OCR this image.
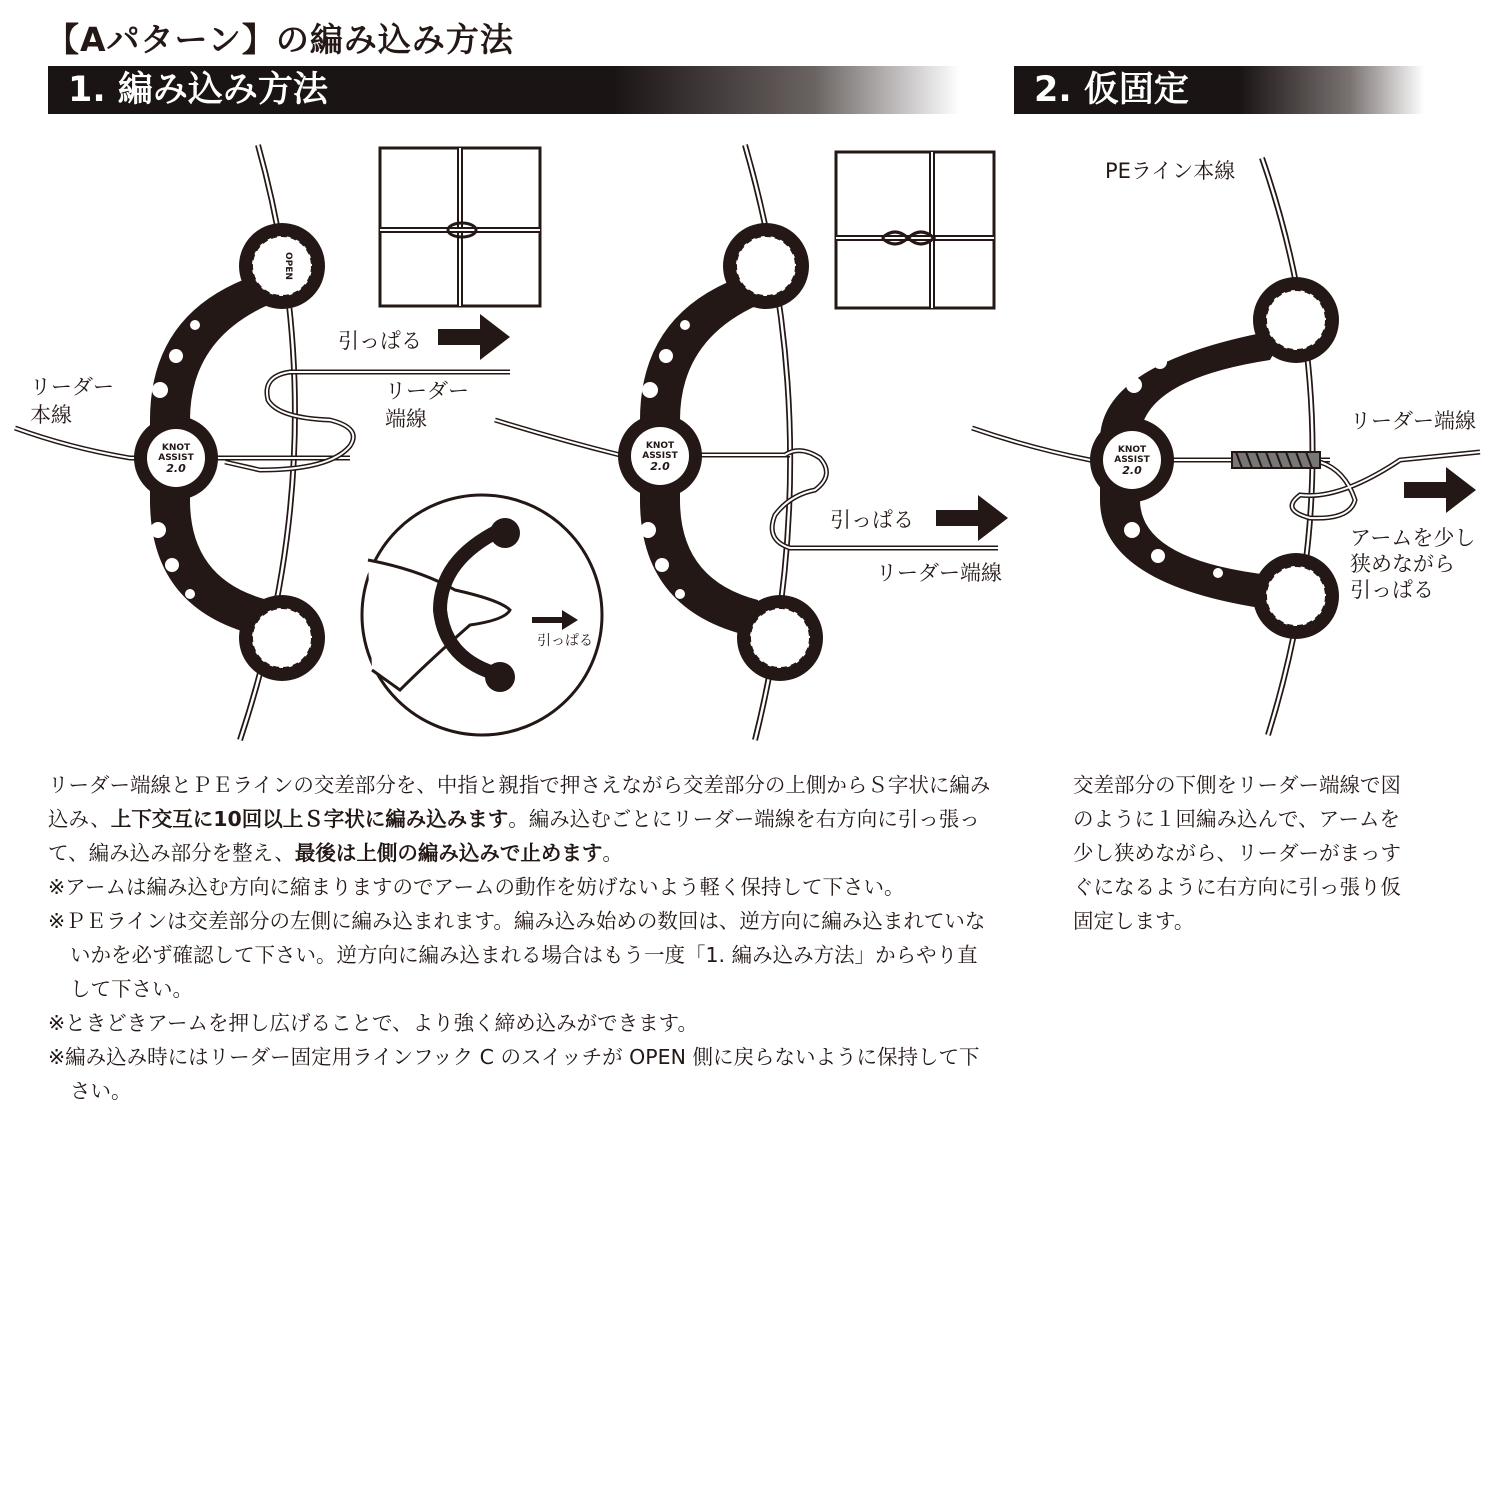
【Aパターン】の編み込み方法
1. 編み込み方法	2. 仮固定
OPEN
KNOT
ASSIST
2.0
リーダー
本線
リーダー
端線
引っぱる
引っぱる
KNOT
ASSIST
2.0
引っぱる
リーダー端線
KNOT
ASSIST
2.0
PEライン本線
リーダー端線
アームを少し
狭めながら
引っぱる

リーダー端線とＰＥラインの交差部分を、中指と親指で押さえながら交差部分の上側からＳ字状に編み込み、上下交互に10回以上Ｓ字状に編み込みます。編み込むごとにリーダー端線を右方向に引っ張って、編み込み部分を整え、最後は上側の編み込みで止めます。

※アームは編み込む方向に縮まりますのでアームの動作を妨げないよう軽く保持して下さい。

※ＰＥラインは交差部分の左側に編み込まれます。編み込み始めの数回は、逆方向に編み込まれていないかを必ず確認して下さい。逆方向に編み込まれる場合はもう一度「1. 編み込み方法」からやり直して下さい。

※ときどきアームを押し広げることで、より強く締め込みができます。

※編み込み時にはリーダー固定用ラインフック C のスイッチが OPEN 側に戻らないように保持して下さい。

交差部分の下側をリーダー端線で図のように１回編み込んで、アームを少し狭めながら、リーダーがまっすぐになるように右方向に引っ張り仮固定します。
